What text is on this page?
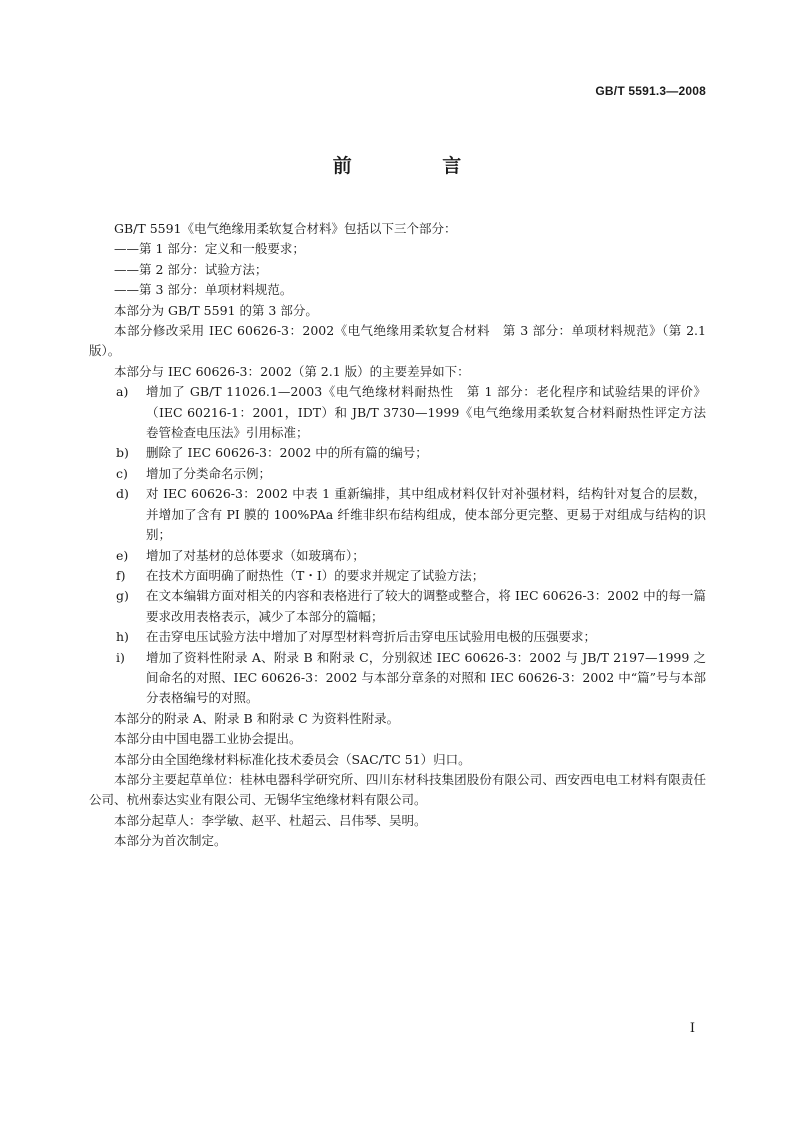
GB/T 5591.3—2008
前 言

GB/T 5591《电气绝缘用柔软复合材料》包括以下三个部分：

——第 1 部分：定义和一般要求；

——第 2 部分：试验方法；

——第 3 部分：单项材料规范。

本部分为 GB/T 5591 的第 3 部分。

本部分修改采用 IEC 60626-3：2002《电气绝缘用柔软复合材料　第 3 部分：单项材料规范》（第 2.1 版）。

本部分与 IEC 60626-3：2002（第 2.1 版）的主要差异如下：

a) 增加了 GB/T 11026.1—2003《电气绝缘材料耐热性　第 1 部分：老化程序和试验结果的评价》（IEC 60216-1：2001，IDT）和 JB/T 3730—1999《电气绝缘用柔软复合材料耐热性评定方法　卷管检查电压法》引用标准；
b) 删除了 IEC 60626-3：2002 中的所有篇的编号；
c) 增加了分类命名示例；
d) 对 IEC 60626-3：2002 中表 1 重新编排，其中组成材料仅针对补强材料，结构针对复合的层数，并增加了含有 PI 膜的 100%PAa 纤维非织布结构组成，使本部分更完整、更易于对组成与结构的识别；
e) 增加了对基材的总体要求（如玻璃布）；
f) 在技术方面明确了耐热性（T・I）的要求并规定了试验方法；
g) 在文本编辑方面对相关的内容和表格进行了较大的调整或整合，将 IEC 60626-3：2002 中的每一篇要求改用表格表示，减少了本部分的篇幅；
h) 在击穿电压试验方法中增加了对厚型材料弯折后击穿电压试验用电极的压强要求；
i) 增加了资料性附录 A、附录 B 和附录 C，分别叙述 IEC 60626-3：2002 与 JB/T 2197—1999 之间命名的对照、IEC 60626-3：2002 与本部分章条的对照和 IEC 60626-3：2002 中“篇”号与本部分表格编号的对照。

本部分的附录 A、附录 B 和附录 C 为资料性附录。

本部分由中国电器工业协会提出。

本部分由全国绝缘材料标准化技术委员会（SAC/TC 51）归口。

本部分主要起草单位：桂林电器科学研究所、四川东材科技集团股份有限公司、西安西电电工材料有限责任公司、杭州泰达实业有限公司、无锡华宝绝缘材料有限公司。

本部分起草人：李学敏、赵平、杜超云、吕伟琴、吴明。

本部分为首次制定。

I
